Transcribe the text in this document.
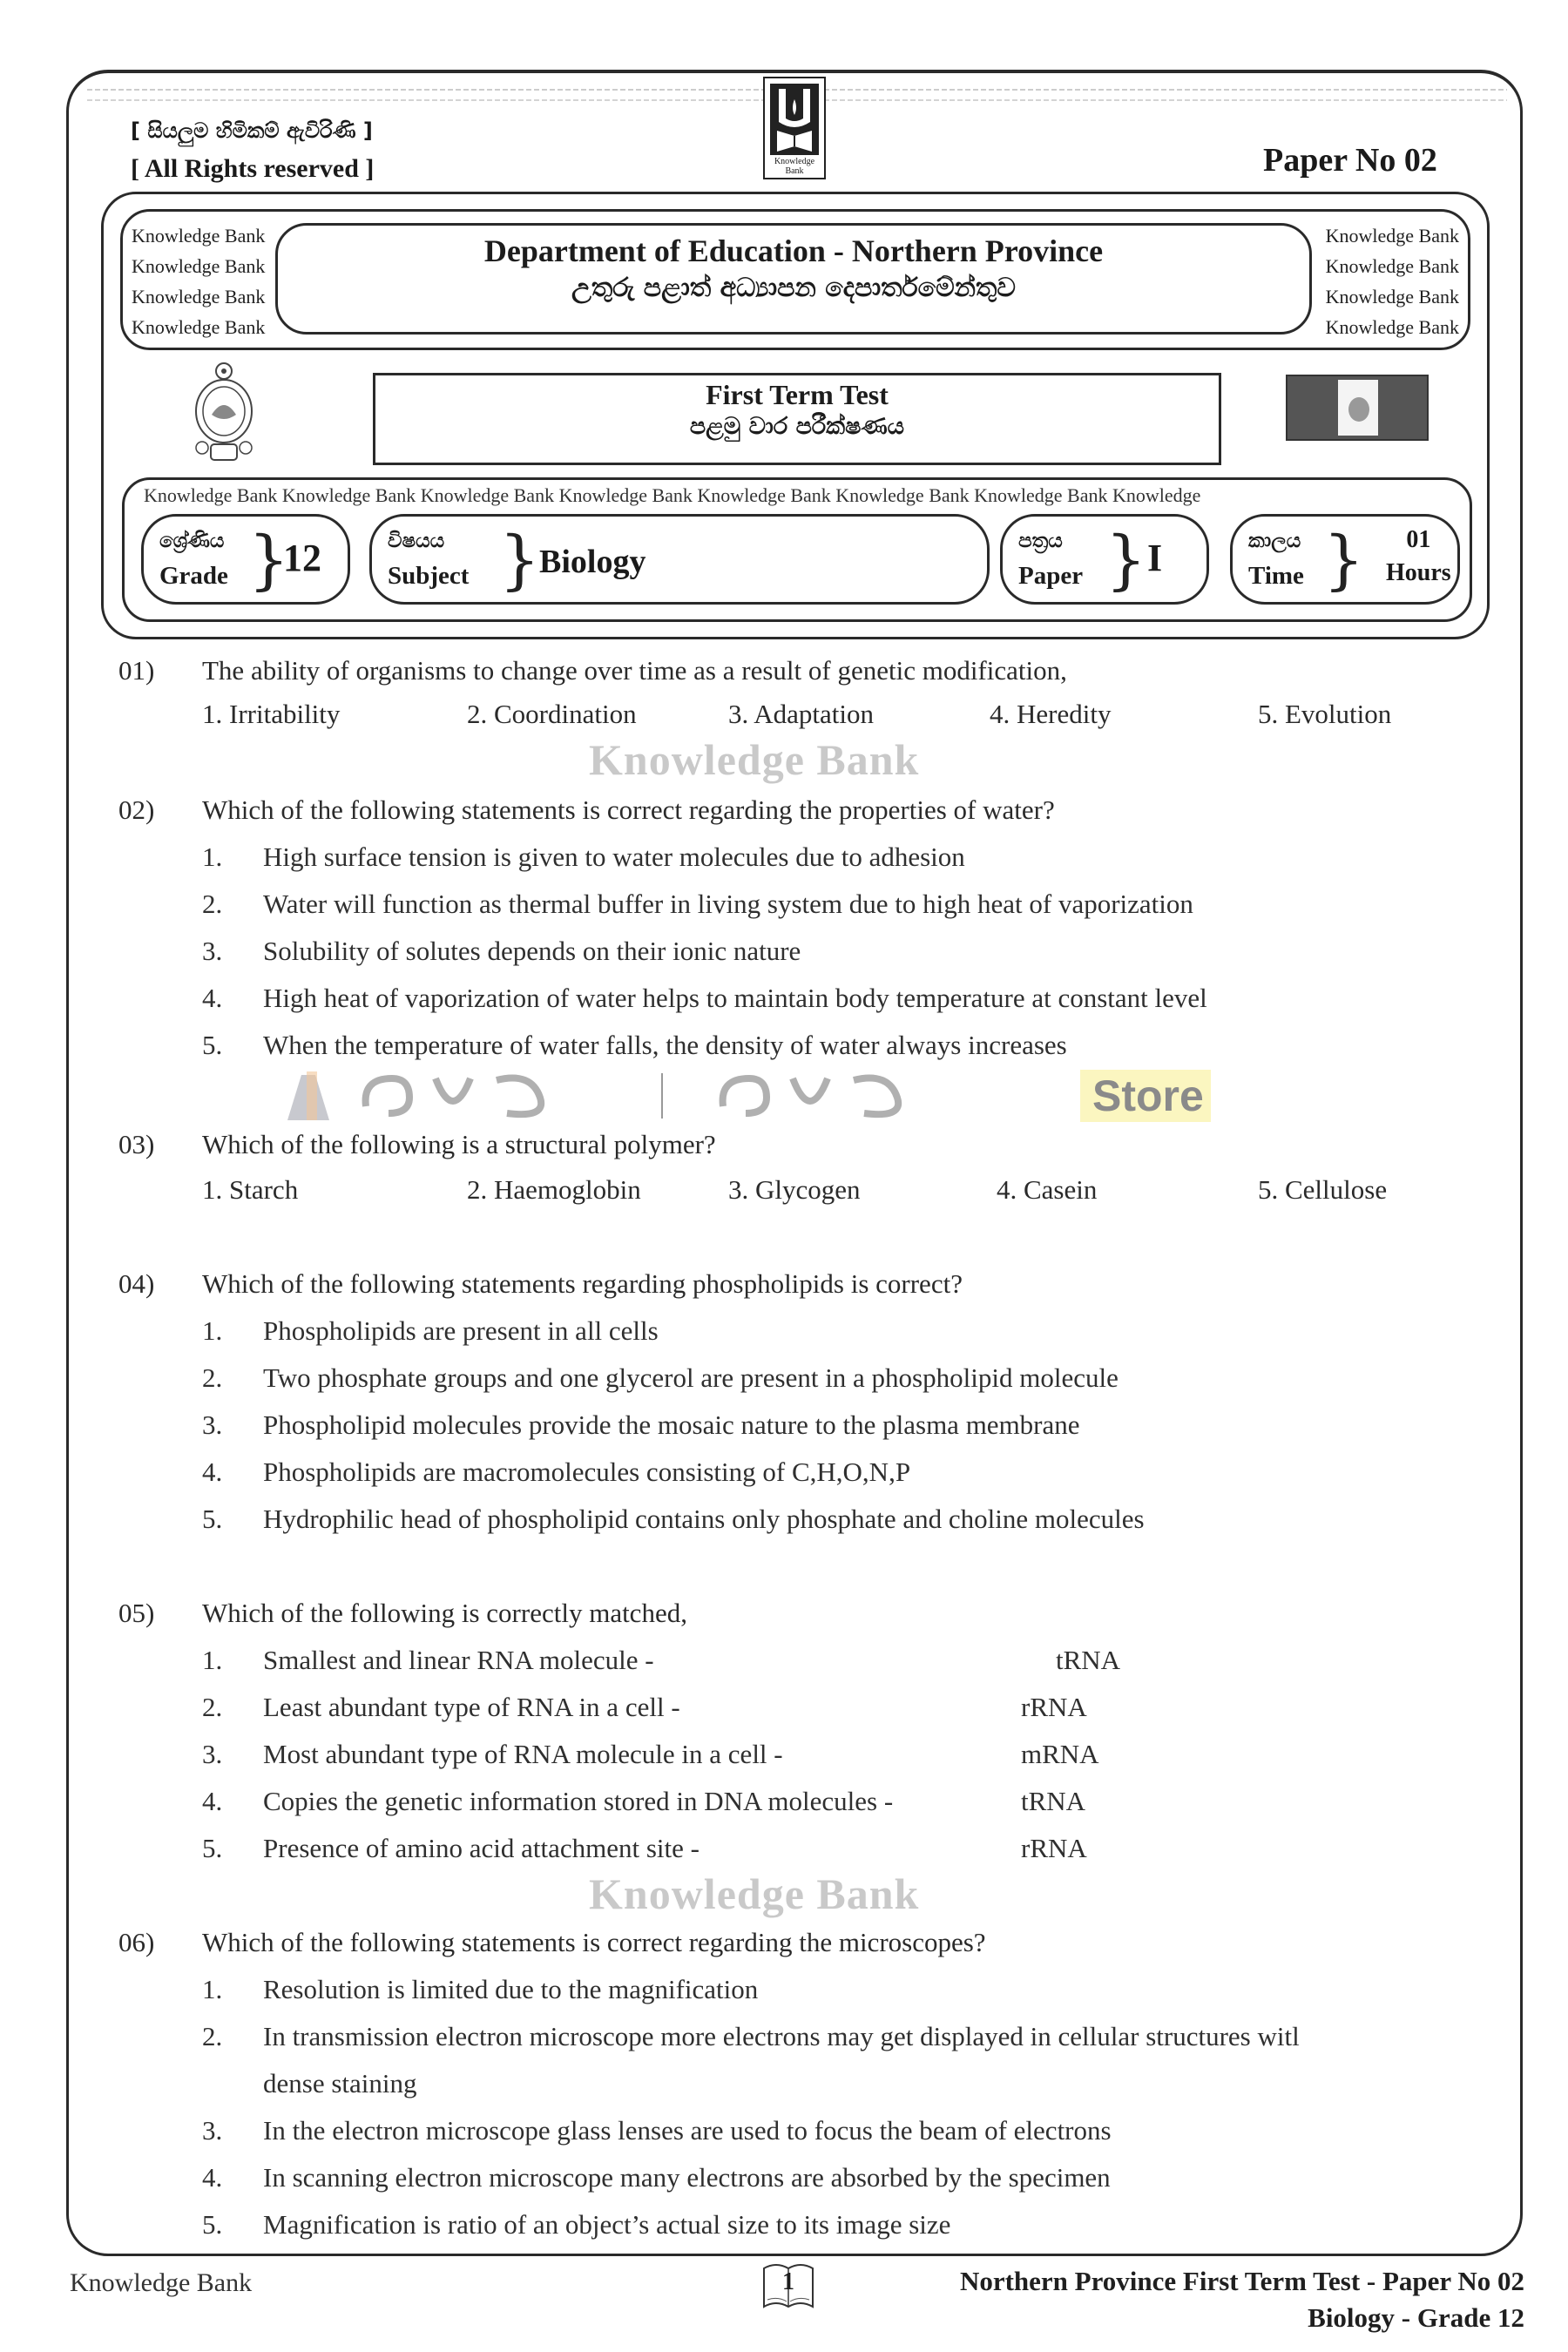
[ සියලුම හිමිකම් ඇවිරිණි ]
[ All Rights reserved ]	Knowledge Bank	Paper No 02
Knowledge Bank
Knowledge Bank
Knowledge Bank
Knowledge Bank
Knowledge Bank
Knowledge Bank
Knowledge Bank
Knowledge Bank
Department of Education - Northern Province
උතුරු පළාත් අධ්‍යාපන දෙපාර්තමේන්තුව
First Term Test
පළමු වාර පරීක්ෂණය
Knowledge Bank Knowledge Bank Knowledge Bank Knowledge Bank Knowledge Bank Knowledge Bank Knowledge Bank Knowledge
ශ්‍රේණිය
Grade }
12	විෂයය
Subject }
Biology
පත්‍රය
Paper } I	කාලය
Time }	01
Hours
Knowledge Bank
Knowledge Bank
Store
01)	The ability of organisms to change over time as a result of genetic modification,
1. Irritability	2. Coordination	3. Adaptation	4. Heredity	5. Evolution
02)	Which of the following statements is correct regarding the properties of water?
1. High surface tension is given to water molecules due to adhesion
2. Water will function as thermal buffer in living system due to high heat of vaporization
3. Solubility of solutes depends on their ionic nature
4. High heat of vaporization of water helps to maintain body temperature at constant level
5. When the temperature of water falls, the density of water always increases
03)	Which of the following is a structural polymer?
1. Starch	2. Haemoglobin	3. Glycogen	4. Casein	5. Cellulose
04)	Which of the following statements regarding phospholipids is correct?
1. Phospholipids are present in all cells
2. Two phosphate groups and one glycerol are present in a phospholipid molecule
3. Phospholipid molecules provide the mosaic nature to the plasma membrane
4. Phospholipids are macromolecules consisting of C,H,O,N,P
5. Hydrophilic head of phospholipid contains only phosphate and choline molecules
05)	Which of the following is correctly matched,
1. Smallest and linear RNA molecule -	tRNA
2. Least abundant type of RNA in a cell -	rRNA
3. Most abundant type of RNA molecule in a cell -	mRNA
4. Copies the genetic information stored in DNA molecules -	tRNA
5. Presence of amino acid attachment site -	rRNA
06)	Which of the following statements is correct regarding the microscopes?
1. Resolution is limited due to the magnification
2. In transmission electron microscope more electrons may get displayed in cellular structures witl
dense staining
3. In the electron microscope glass lenses are used to focus the beam of electrons
4. In scanning electron microscope many electrons are absorbed by the specimen
5. Magnification is ratio of an object’s actual size to its image size
Knowledge Bank	1	Northern Province First Term Test - Paper No 02
Biology - Grade 12
